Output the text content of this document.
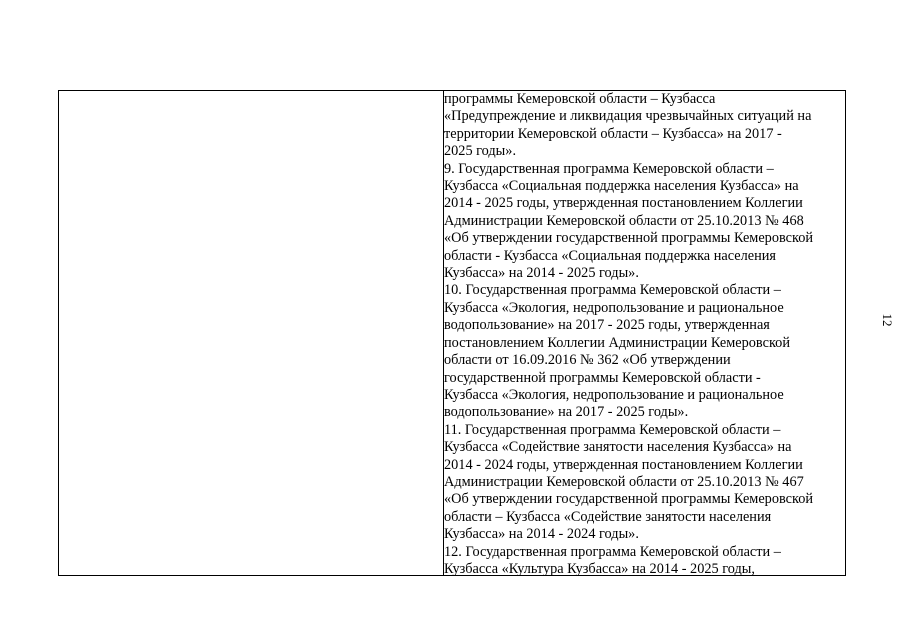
программы Кемеровской области – Кузбасса
«Предупреждение и ликвидация чрезвычайных ситуаций на
территории Кемеровской области – Кузбасса» на 2017 -
2025 годы».
9. Государственная программа Кемеровской области –
Кузбасса «Социальная поддержка населения Кузбасса» на
2014 - 2025 годы, утвержденная постановлением Коллегии
Администрации Кемеровской области от 25.10.2013 № 468
«Об утверждении государственной программы Кемеровской
области - Кузбасса «Социальная поддержка населения
Кузбасса» на 2014 - 2025 годы».
10. Государственная программа Кемеровской области –
Кузбасса «Экология, недропользование и рациональное
водопользование» на 2017 - 2025 годы, утвержденная
постановлением Коллегии Администрации Кемеровской
области от 16.09.2016 № 362 «Об утверждении
государственной программы Кемеровской области -
Кузбасса «Экология, недропользование и рациональное
водопользование» на 2017 - 2025 годы».
11. Государственная программа Кемеровской области –
Кузбасса «Содействие занятости населения Кузбасса» на
2014 - 2024 годы, утвержденная постановлением Коллегии
Администрации Кемеровской области от 25.10.2013 № 467
«Об утверждении государственной программы Кемеровской
области – Кузбасса «Содействие занятости населения
Кузбасса» на 2014 - 2024 годы».
12. Государственная программа Кемеровской области –
Кузбасса «Культура Кузбасса» на 2014 - 2025 годы,
12
